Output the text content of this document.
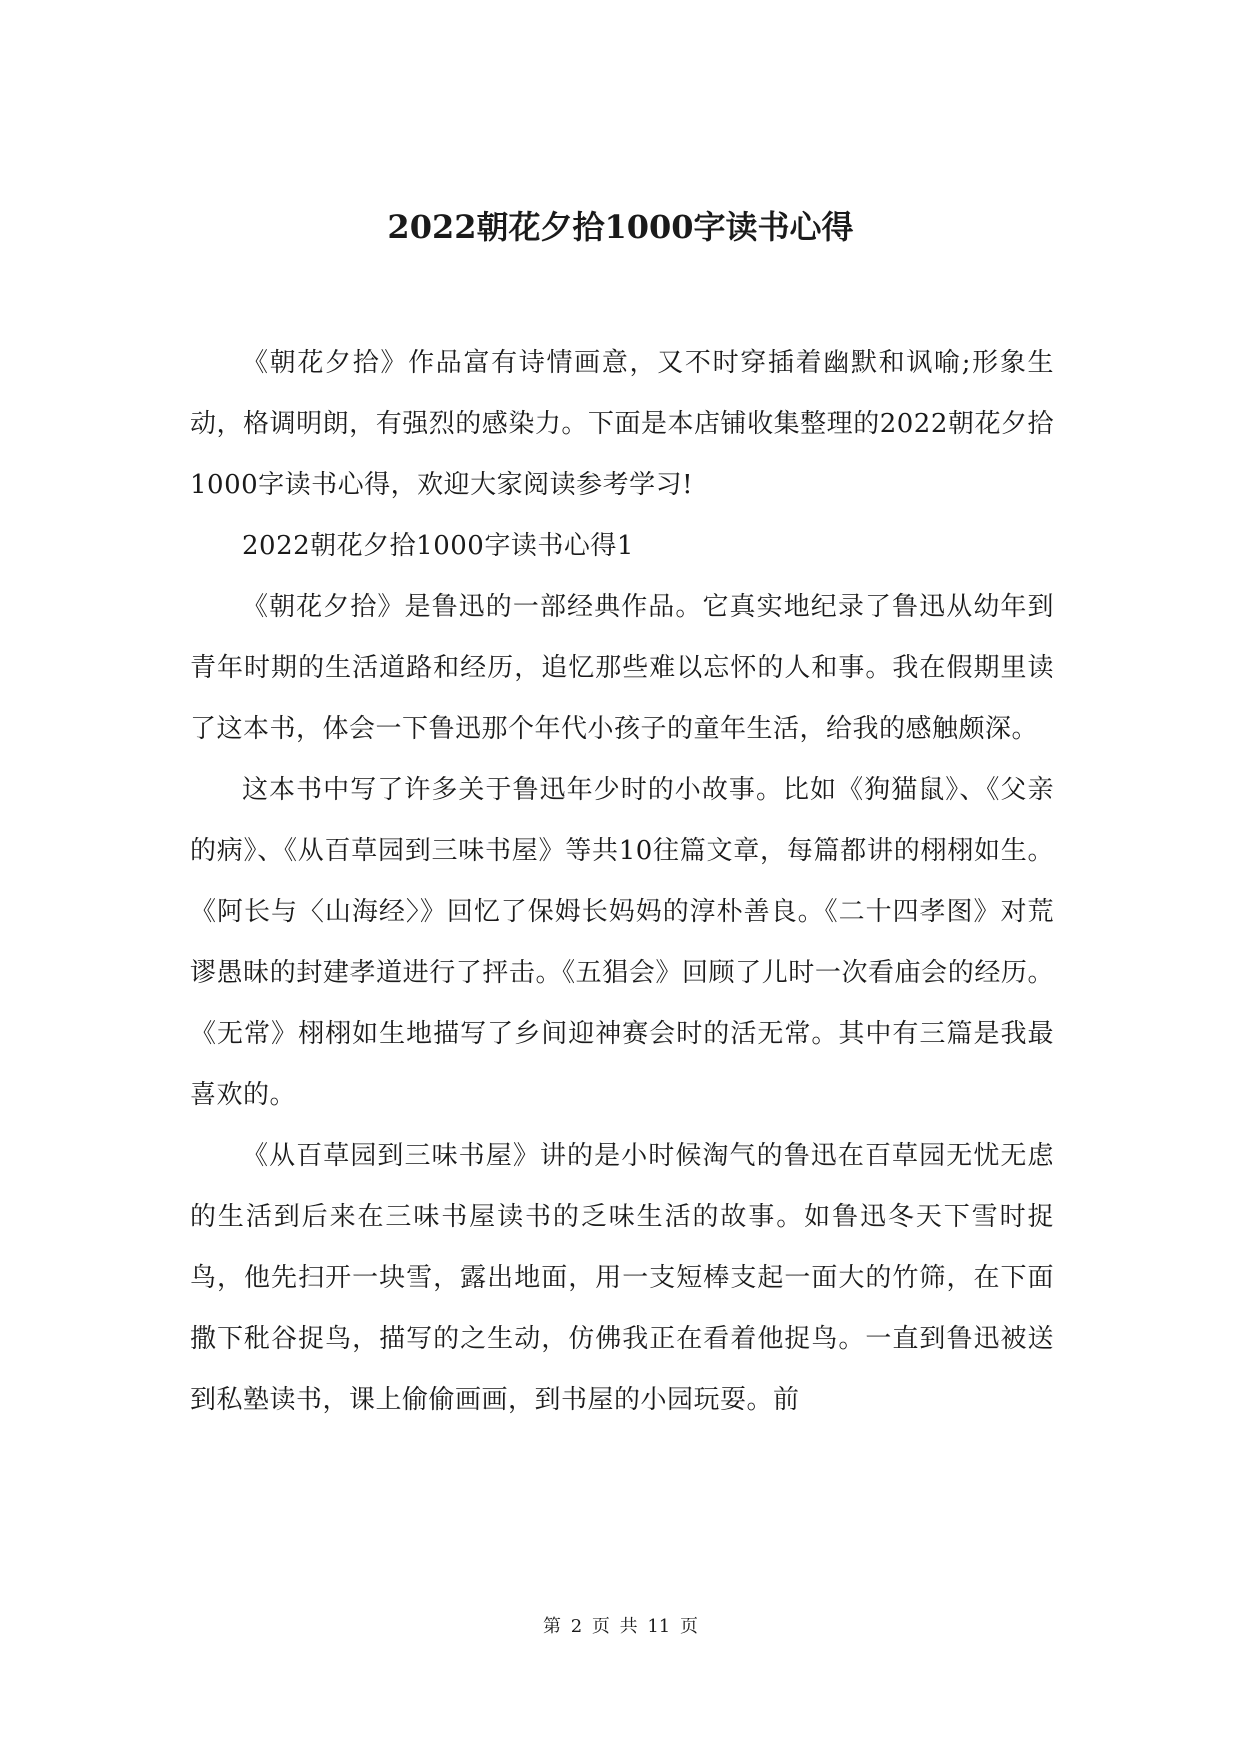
2022朝花夕拾1000字读书心得

《朝花夕拾》作品富有诗情画意，又不时穿插着幽默和讽喻;形象生动，格调明朗，有强烈的感染力。下面是本店铺收集整理的2022朝花夕拾1000字读书心得，欢迎大家阅读参考学习!

2022朝花夕拾1000字读书心得1

《朝花夕拾》是鲁迅的一部经典作品。它真实地纪录了鲁迅从幼年到青年时期的生活道路和经历，追忆那些难以忘怀的人和事。我在假期里读了这本书，体会一下鲁迅那个年代小孩子的童年生活，给我的感触颇深。

这本书中写了许多关于鲁迅年少时的小故事。比如《狗猫鼠》、《父亲的病》、《从百草园到三味书屋》等共10往篇文章，每篇都讲的栩栩如生。《阿长与〈山海经〉》回忆了保姆长妈妈的淳朴善良。《二十四孝图》对荒谬愚昧的封建孝道进行了抨击。《五猖会》回顾了儿时一次看庙会的经历。《无常》栩栩如生地描写了乡间迎神赛会时的活无常。其中有三篇是我最喜欢的。

《从百草园到三味书屋》讲的是小时候淘气的鲁迅在百草园无忧无虑的生活到后来在三味书屋读书的乏味生活的故事。如鲁迅冬天下雪时捉鸟，他先扫开一块雪，露出地面，用一支短棒支起一面大的竹筛，在下面撒下秕谷捉鸟，描写的之生动，仿佛我正在看着他捉鸟。一直到鲁迅被送到私塾读书，课上偷偷画画，到书屋的小园玩耍。前

第 2 页 共 11 页
